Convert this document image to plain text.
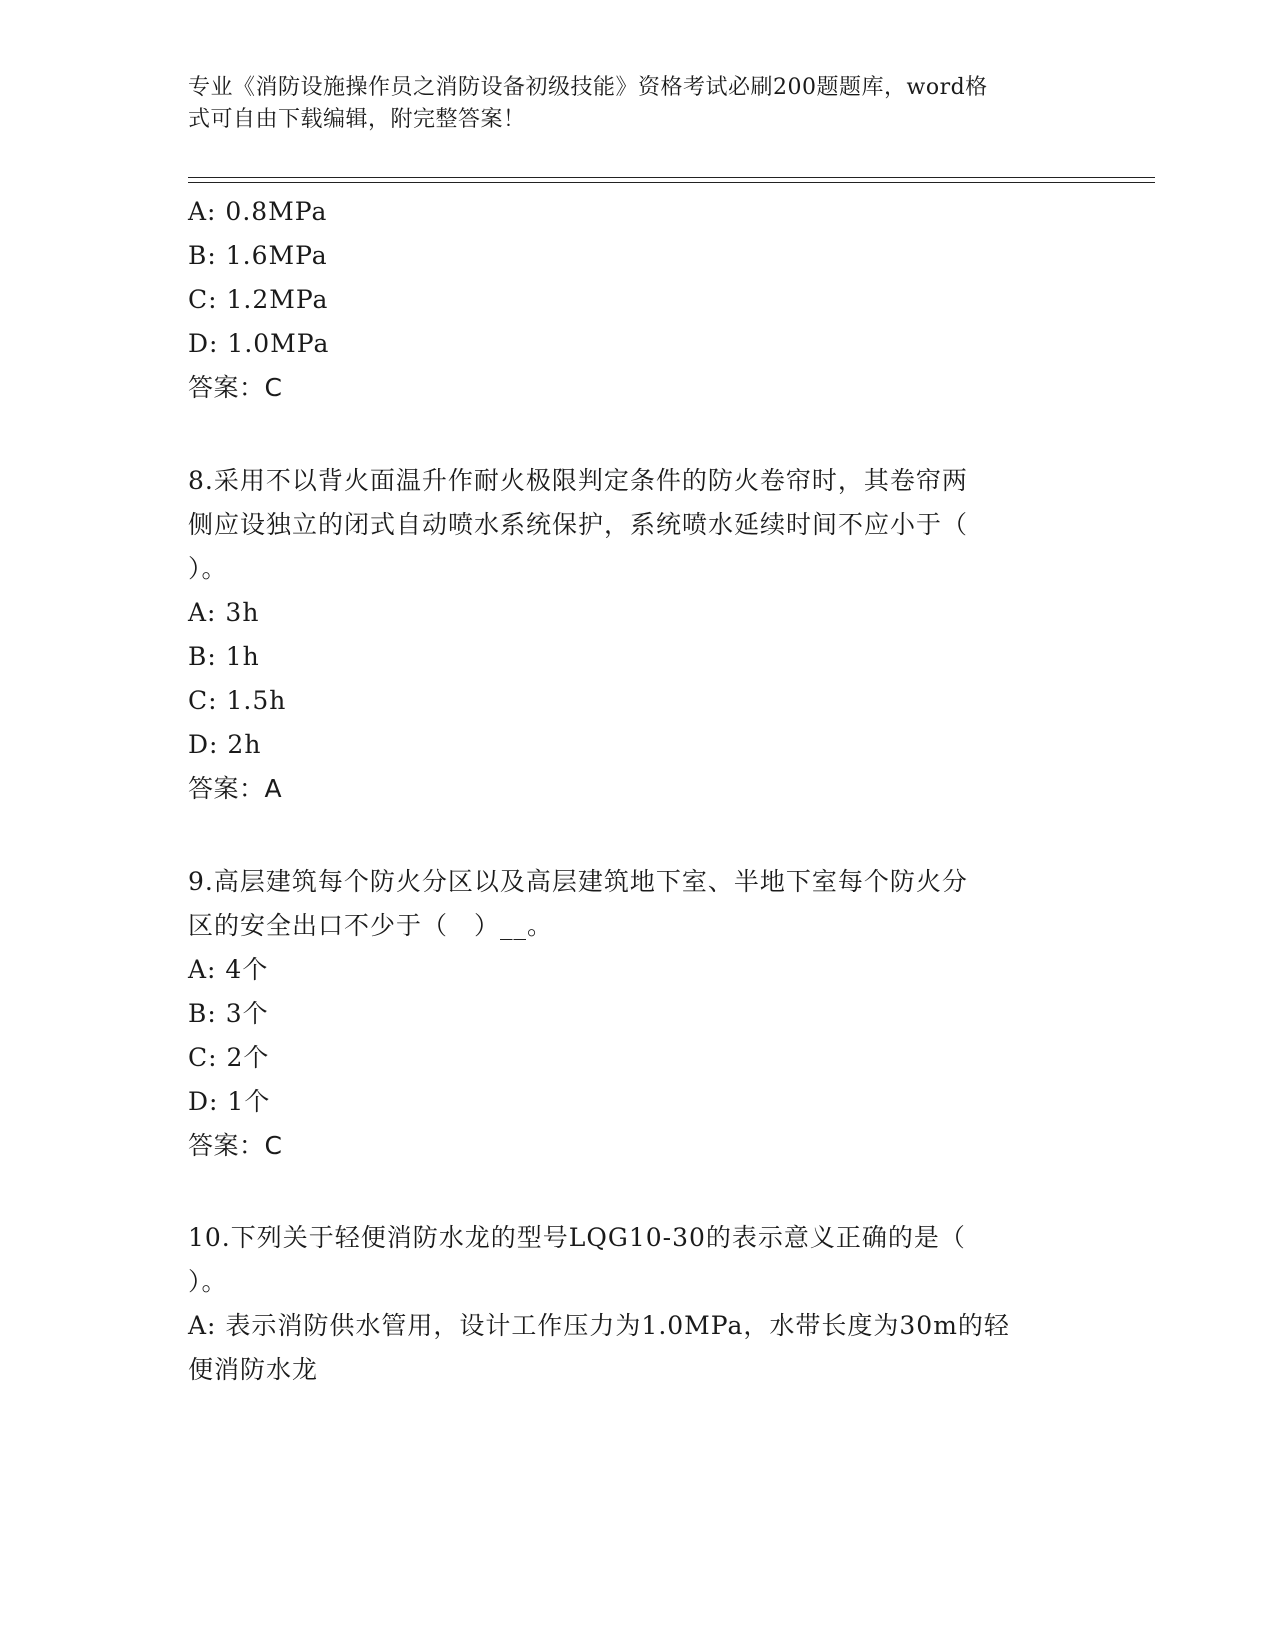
专业《消防设施操作员之消防设备初级技能》资格考试必刷200题题库，word格
式可自由下载编辑，附完整答案！
A: 0.8MPa
B: 1.6MPa
C: 1.2MPa
D: 1.0MPa
答案：C
8.采用不以背火面温升作耐火极限判定条件的防火卷帘时，其卷帘两
侧应设独立的闭式自动喷水系统保护，系统喷水延续时间不应小于（
）。
A: 3h
B: 1h
C: 1.5h
D: 2h
答案：A
9.高层建筑每个防火分区以及高层建筑地下室、半地下室每个防火分
区的安全出口不少于（　）__。
A: 4个
B: 3个
C: 2个
D: 1个
答案：C
10.下列关于轻便消防水龙的型号LQG10-30的表示意义正确的是（
）。
A: 表示消防供水管用，设计工作压力为1.0MPa，水带长度为30m的轻
便消防水龙
